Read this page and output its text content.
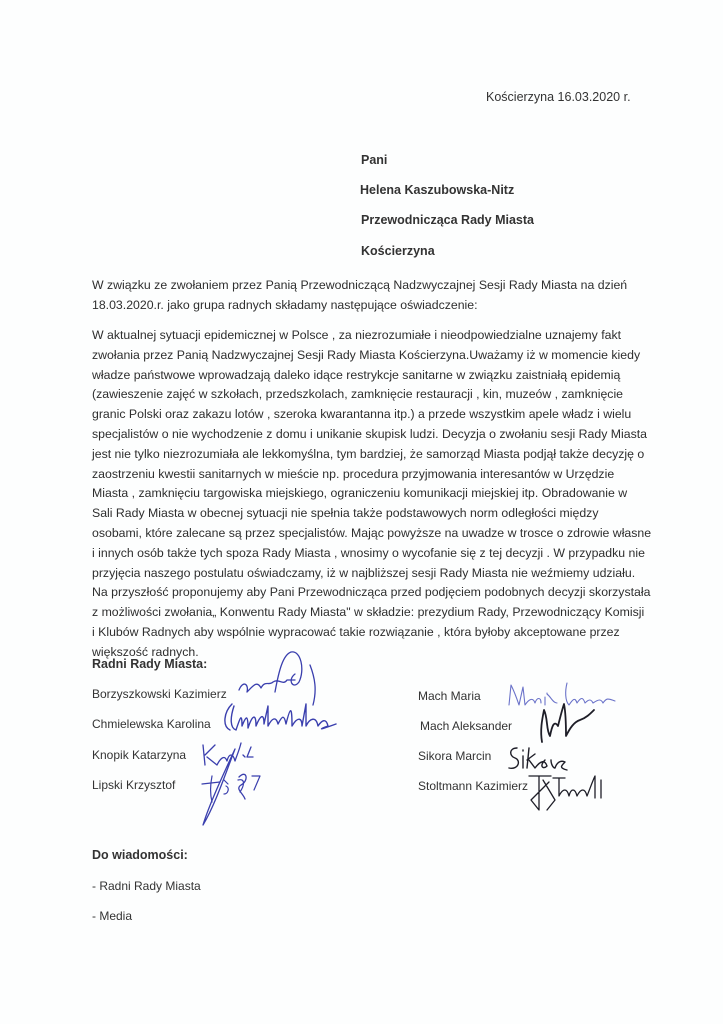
Kościerzyna 16.03.2020 r.
Pani
Helena Kaszubowska-Nitz
Przewodnicząca Rady Miasta
Kościerzyna
W związku ze zwołaniem przez Panią Przewodniczącą Nadzwyczajnej Sesji Rady Miasta na dzień
18.03.2020.r. jako grupa radnych składamy następujące oświadczenie:
W aktualnej sytuacji epidemicznej w Polsce , za niezrozumiałe i nieodpowiedzialne uznajemy fakt
zwołania przez Panią Nadzwyczajnej Sesji Rady Miasta Kościerzyna.Uważamy iż w momencie kiedy
władze państwowe wprowadzają daleko idące restrykcje sanitarne w związku zaistniałą epidemią
(zawieszenie zajęć w szkołach, przedszkolach, zamknięcie restauracji , kin, muzeów , zamknięcie
granic Polski oraz zakazu lotów , szeroka kwarantanna itp.) a przede wszystkim apele władz i wielu
specjalistów o nie wychodzenie z domu i unikanie skupisk ludzi. Decyzja o zwołaniu sesji Rady Miasta
jest nie tylko niezrozumiała ale lekkomyślna, tym bardziej, że samorząd Miasta podjął także decyzję o
zaostrzeniu kwestii sanitarnych w mieście np. procedura przyjmowania interesantów w Urzędzie
Miasta , zamknięciu targowiska miejskiego, ograniczeniu komunikacji miejskiej itp. Obradowanie w
Sali Rady Miasta w obecnej sytuacji nie spełnia także podstawowych norm odległości między
osobami, które zalecane są przez specjalistów. Mając powyższe na uwadze w trosce o zdrowie własne
i innych osób także tych spoza Rady Miasta , wnosimy o wycofanie się z tej decyzji . W przypadku nie
przyjęcia naszego postulatu oświadczamy, iż w najbliższej sesji Rady Miasta nie weźmiemy udziału.
Na przyszłość proponujemy aby Pani Przewodnicząca przed podjęciem podobnych decyzji skorzystała
z możliwości zwołania„ Konwentu Rady Miasta" w składzie: prezydium Rady, Przewodniczący Komisji
i Klubów Radnych aby wspólnie wypracować takie rozwiązanie , która byłoby akceptowane przez
większość radnych.
Radni Rady Miasta:
Borzyszkowski Kazimierz
Chmielewska Karolina
Knopik Katarzyna
Lipski Krzysztof
Mach Maria
Mach Aleksander
Sikora Marcin
Stoltmann Kazimierz
Do wiadomości:
- Radni Rady Miasta
- Media
